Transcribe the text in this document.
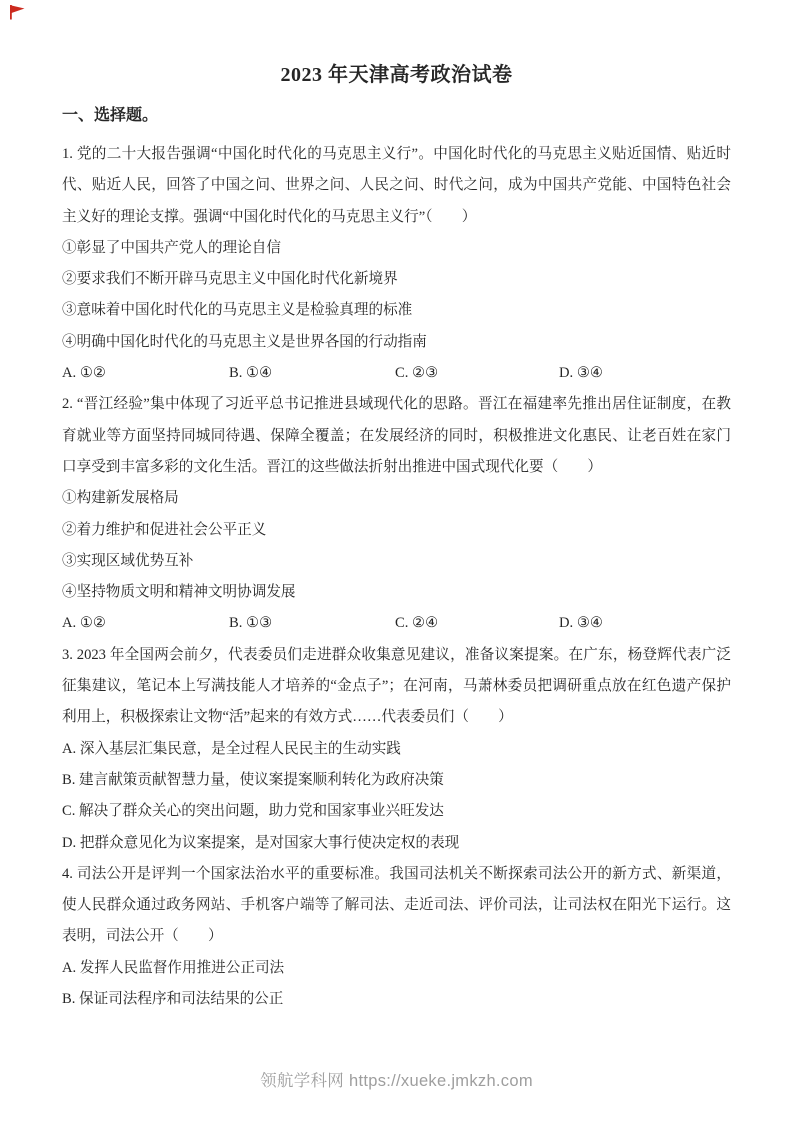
2023 年天津高考政治试卷
一、选择题。

1. 党的二十大报告强调“中国化时代化的马克思主义行”。中国化时代化的马克思主义贴近国情、贴近时代、贴近人民，回答了中国之问、世界之问、人民之问、时代之问，成为中国共产党能、中国特色社会主义好的理论支撑。强调“中国化时代化的马克思主义行”（　　）

①彰显了中国共产党人的理论自信
②要求我们不断开辟马克思主义中国化时代化新境界
③意味着中国化时代化的马克思主义是检验真理的标准
④明确中国化时代化的马克思主义是世界各国的行动指南
A. ①②	B. ①④	C. ②③	D. ③④

2. “晋江经验”集中体现了习近平总书记推进县域现代化的思路。晋江在福建率先推出居住证制度，在教育就业等方面坚持同城同待遇、保障全覆盖；在发展经济的同时，积极推进文化惠民、让老百姓在家门口享受到丰富多彩的文化生活。晋江的这些做法折射出推进中国式现代化要（　　）

①构建新发展格局
②着力维护和促进社会公平正义
③实现区域优势互补
④坚持物质文明和精神文明协调发展
A. ①②	B. ①③	C. ②④	D. ③④

3. 2023 年全国两会前夕，代表委员们走进群众收集意见建议，准备议案提案。在广东，杨登辉代表广泛征集建议，笔记本上写满技能人才培养的“金点子”；在河南，马萧林委员把调研重点放在红色遗产保护利用上，积极探索让文物“活”起来的有效方式……代表委员们（　　）

A. 深入基层汇集民意，是全过程人民民主的生动实践
B. 建言献策贡献智慧力量，使议案提案顺利转化为政府决策
C. 解决了群众关心的突出问题，助力党和国家事业兴旺发达
D. 把群众意见化为议案提案，是对国家大事行使决定权的表现

4. 司法公开是评判一个国家法治水平的重要标准。我国司法机关不断探索司法公开的新方式、新渠道，使人民群众通过政务网站、手机客户端等了解司法、走近司法、评价司法，让司法权在阳光下运行。这表明，司法公开（　　）

A. 发挥人民监督作用推进公正司法
B. 保证司法程序和司法结果的公正
领航学科网 https://xueke.jmkzh.com
